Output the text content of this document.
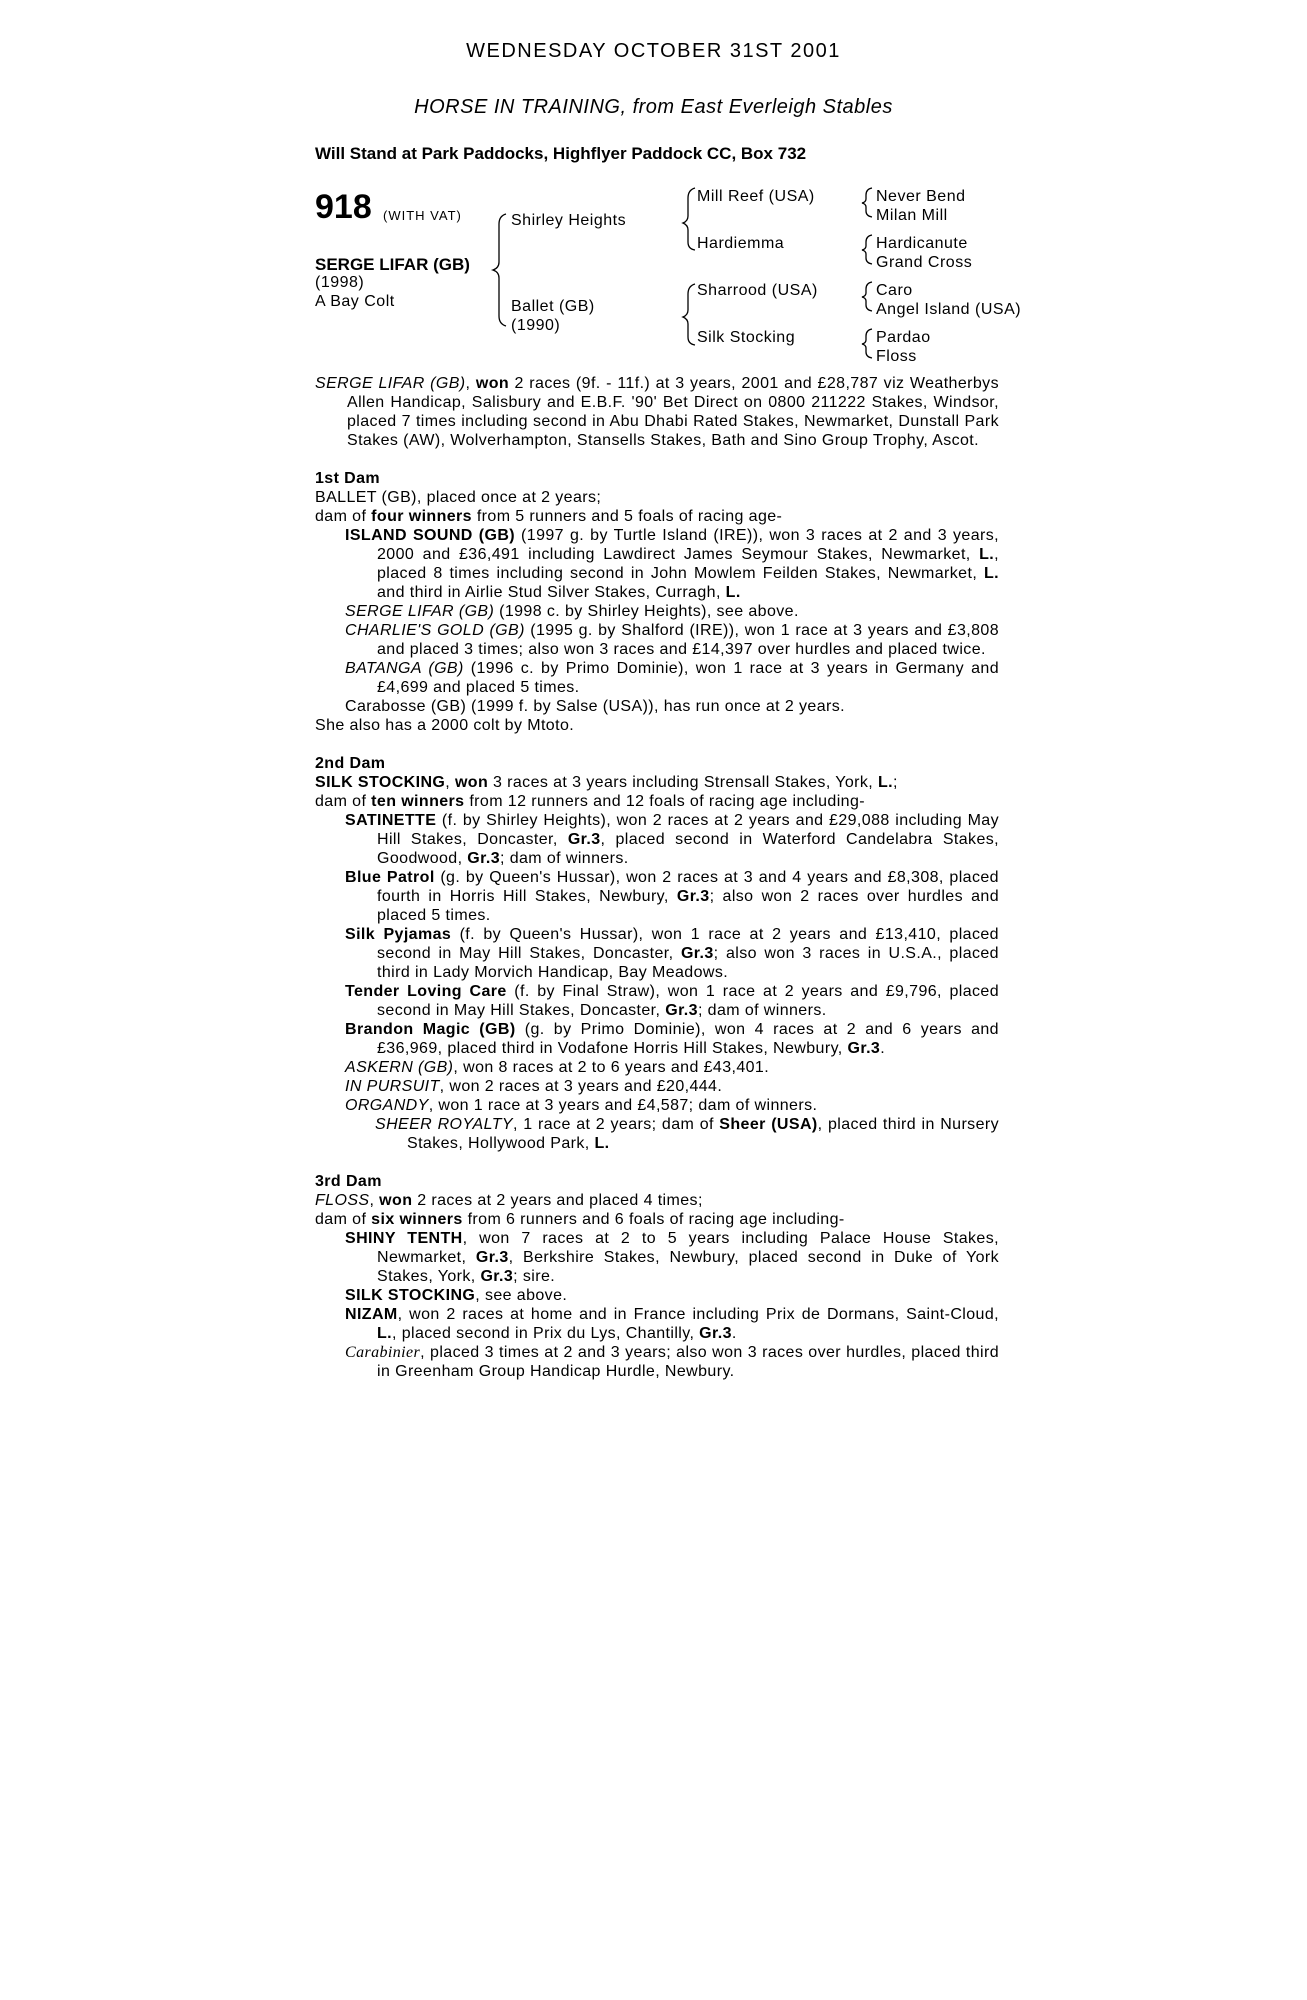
WEDNESDAY OCTOBER 31ST 2001
HORSE IN TRAINING, from East Everleigh Stables
Will Stand at Park Paddocks, Highflyer Paddock CC, Box 732
918 (WITH VAT)
SERGE LIFAR (GB)
(1998)
A Bay Colt
Shirley Heights
Ballet (GB)
(1990)
Mill Reef (USA)
Hardiemma
Sharrood (USA)
Silk Stocking
Never Bend
Milan Mill
Hardicanute
Grand Cross
Caro
Angel Island (USA)
Pardao
Floss

SERGE LIFAR (GB), won 2 races (9f. - 11f.) at 3 years, 2001 and £28,787 viz Weatherbys Allen Handicap, Salisbury and E.B.F. '90' Bet Direct on 0800 211222 Stakes, Windsor, placed 7 times including second in Abu Dhabi Rated Stakes, Newmarket, Dunstall Park Stakes (AW), Wolverhampton, Stansells Stakes, Bath and Sino Group Trophy, Ascot.

1st Dam

BALLET (GB), placed once at 2 years;

dam of four winners from 5 runners and 5 foals of racing age-

ISLAND SOUND (GB) (1997 g. by Turtle Island (IRE)), won 3 races at 2 and 3 years, 2000 and £36,491 including Lawdirect James Seymour Stakes, Newmarket, L., placed 8 times including second in John Mowlem Feilden Stakes, Newmarket, L. and third in Airlie Stud Silver Stakes, Curragh, L.

SERGE LIFAR (GB) (1998 c. by Shirley Heights), see above.

CHARLIE'S GOLD (GB) (1995 g. by Shalford (IRE)), won 1 race at 3 years and £3,808 and placed 3 times; also won 3 races and £14,397 over hurdles and placed twice.

BATANGA (GB) (1996 c. by Primo Dominie), won 1 race at 3 years in Germany and £4,699 and placed 5 times.

Carabosse (GB) (1999 f. by Salse (USA)), has run once at 2 years.

She also has a 2000 colt by Mtoto.

2nd Dam

SILK STOCKING, won 3 races at 3 years including Strensall Stakes, York, L.;

dam of ten winners from 12 runners and 12 foals of racing age including-

SATINETTE (f. by Shirley Heights), won 2 races at 2 years and £29,088 including May Hill Stakes, Doncaster, Gr.3, placed second in Waterford Candelabra Stakes, Goodwood, Gr.3; dam of winners.

Blue Patrol (g. by Queen's Hussar), won 2 races at 3 and 4 years and £8,308, placed fourth in Horris Hill Stakes, Newbury, Gr.3; also won 2 races over hurdles and placed 5 times.

Silk Pyjamas (f. by Queen's Hussar), won 1 race at 2 years and £13,410, placed second in May Hill Stakes, Doncaster, Gr.3; also won 3 races in U.S.A., placed third in Lady Morvich Handicap, Bay Meadows.

Tender Loving Care (f. by Final Straw), won 1 race at 2 years and £9,796, placed second in May Hill Stakes, Doncaster, Gr.3; dam of winners.

Brandon Magic (GB) (g. by Primo Dominie), won 4 races at 2 and 6 years and £36,969, placed third in Vodafone Horris Hill Stakes, Newbury, Gr.3.

ASKERN (GB), won 8 races at 2 to 6 years and £43,401.

IN PURSUIT, won 2 races at 3 years and £20,444.

ORGANDY, won 1 race at 3 years and £4,587; dam of winners.

SHEER ROYALTY, 1 race at 2 years; dam of Sheer (USA), placed third in Nursery Stakes, Hollywood Park, L.

3rd Dam

FLOSS, won 2 races at 2 years and placed 4 times;

dam of six winners from 6 runners and 6 foals of racing age including-

SHINY TENTH, won 7 races at 2 to 5 years including Palace House Stakes, Newmarket, Gr.3, Berkshire Stakes, Newbury, placed second in Duke of York Stakes, York, Gr.3; sire.

SILK STOCKING, see above.

NIZAM, won 2 races at home and in France including Prix de Dormans, Saint-Cloud, L., placed second in Prix du Lys, Chantilly, Gr.3.

Carabinier, placed 3 times at 2 and 3 years; also won 3 races over hurdles, placed third in Greenham Group Handicap Hurdle, Newbury.
